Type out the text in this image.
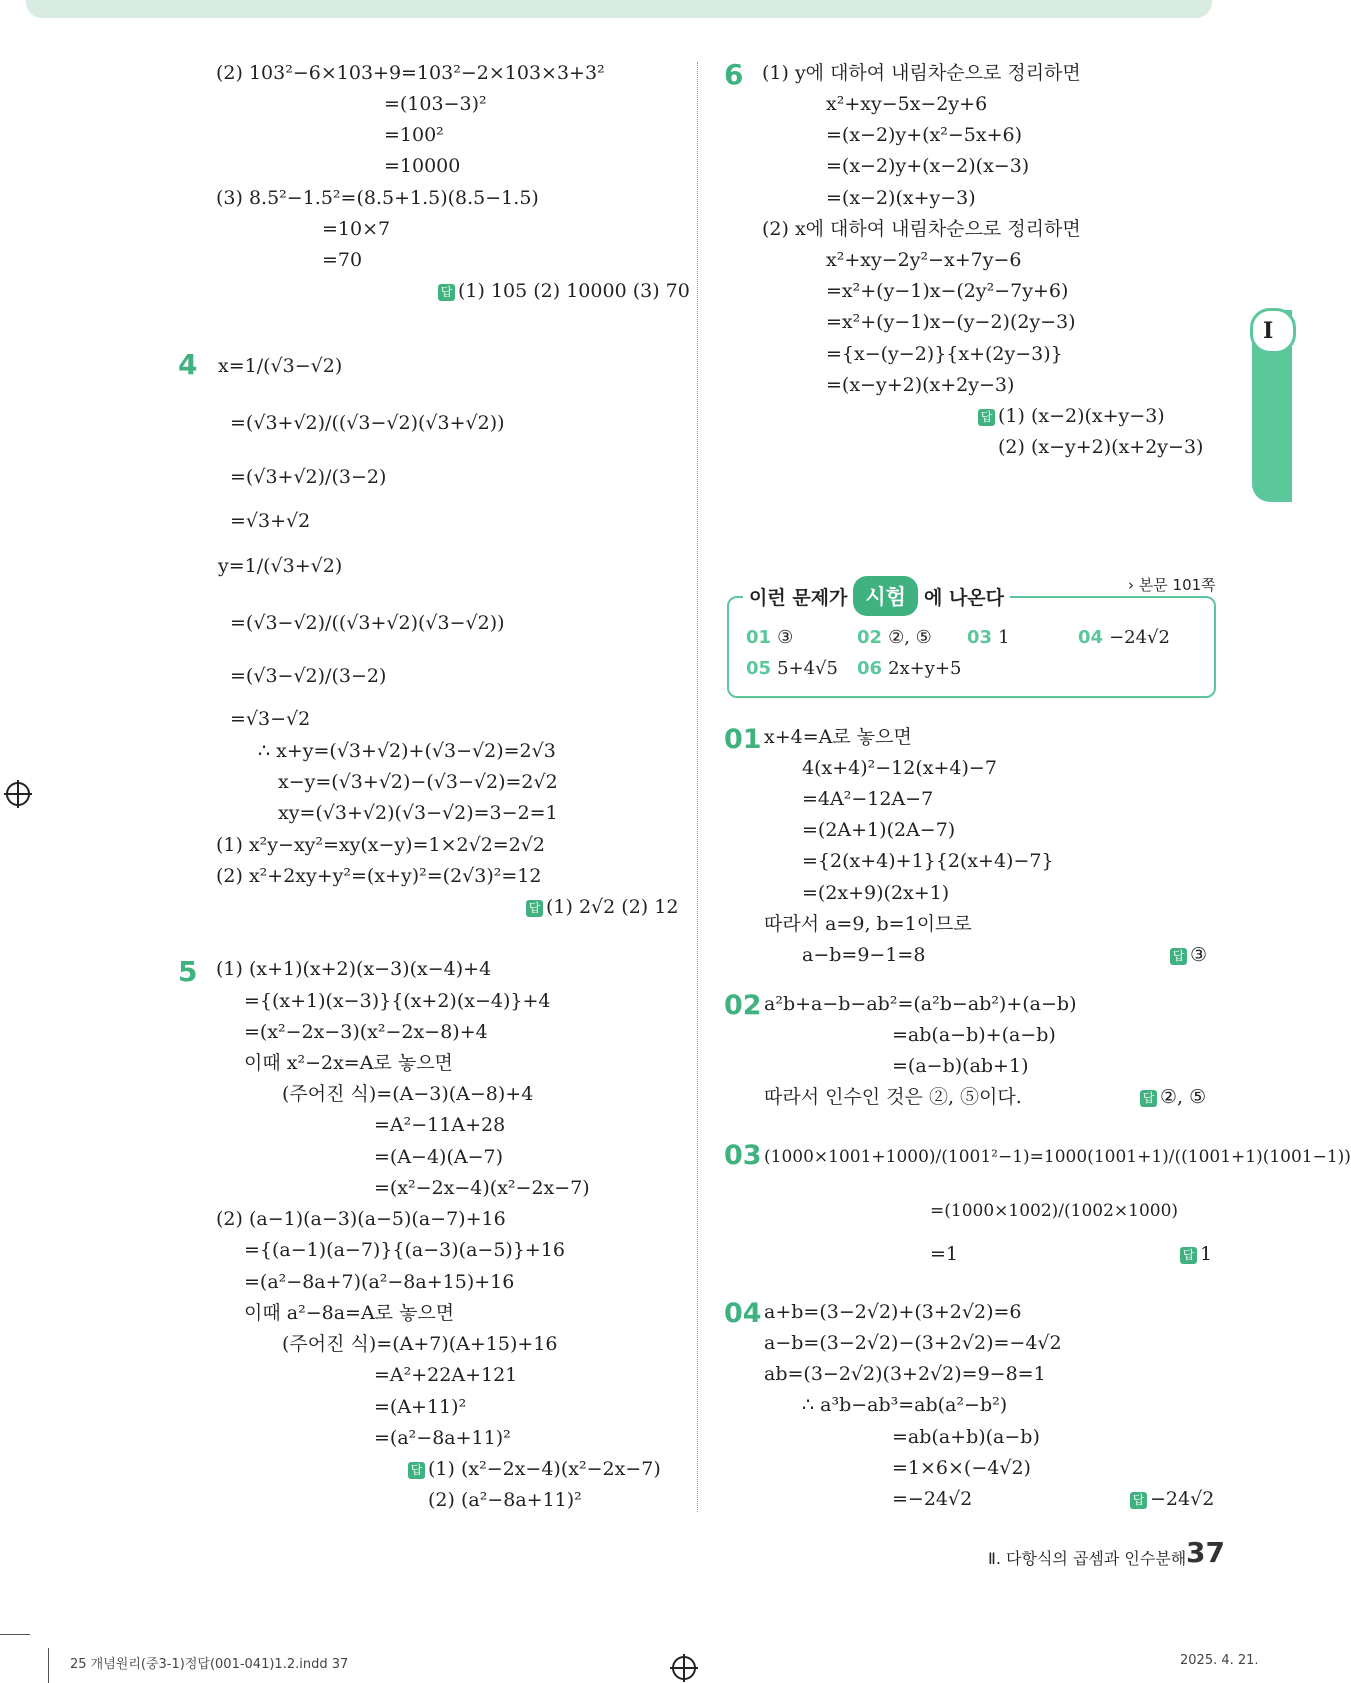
I
(2) 103²−6×103+9=103²−2×103×3+3²
=(103−3)²
=100²
=10000
(3) 8.5²−1.5²=(8.5+1.5)(8.5−1.5)
=10×7
=70
답 (1) 105 (2) 10000 (3) 70
4 x=1/(√3−√2)
=(√3+√2)/((√3−√2)(√3+√2))
=(√3+√2)/(3−2)
=√3+√2
y=1/(√3+√2)
=(√3−√2)/((√3+√2)(√3−√2))
=(√3−√2)/(3−2)
=√3−√2
∴ x+y=(√3+√2)+(√3−√2)=2√3
x−y=(√3+√2)−(√3−√2)=2√2
xy=(√3+√2)(√3−√2)=3−2=1
(1) x²y−xy²=xy(x−y)=1×2√2=2√2
(2) x²+2xy+y²=(x+y)²=(2√3)²=12
답 (1) 2√2 (2) 12
5 (1) (x+1)(x+2)(x−3)(x−4)+4
={(x+1)(x−3)}{(x+2)(x−4)}+4
=(x²−2x−3)(x²−2x−8)+4
이때 x²−2x=A로 놓으면
(주어진 식)=(A−3)(A−8)+4
=A²−11A+28
=(A−4)(A−7)
=(x²−2x−4)(x²−2x−7)
(2) (a−1)(a−3)(a−5)(a−7)+16
={(a−1)(a−7)}{(a−3)(a−5)}+16
=(a²−8a+7)(a²−8a+15)+16
이때 a²−8a=A로 놓으면
(주어진 식)=(A+7)(A+15)+16
=A²+22A+121
=(A+11)²
=(a²−8a+11)²
답 (1) (x²−2x−4)(x²−2x−7)
(2) (a²−8a+11)²
6 (1) y에 대하여 내림차순으로 정리하면
x²+xy−5x−2y+6
=(x−2)y+(x²−5x+6)
=(x−2)y+(x−2)(x−3)
=(x−2)(x+y−3)
(2) x에 대하여 내림차순으로 정리하면
x²+xy−2y²−x+7y−6
=x²+(y−1)x−(2y²−7y+6)
=x²+(y−1)x−(y−2)(2y−3)
={x−(y−2)}{x+(2y−3)}
=(x−y+2)(x+2y−3)
답 (1) (x−2)(x+y−3)
(2) (x−y+2)(x+2y−3)
이런 문제가 시험 에 나온다
› 본문 101쪽
01 ③	02 ②, ⑤ 03 1	04 −24√2
05 5+4√5 06 2x+y+5
01 x+4=A로 놓으면
4(x+4)²−12(x+4)−7
=4A²−12A−7
=(2A+1)(2A−7)
={2(x+4)+1}{2(x+4)−7}
=(2x+9)(2x+1)
따라서 a=9, b=1이므로
a−b=9−1=8	답 ③
02 a²b+a−b−ab²=(a²b−ab²)+(a−b)
=ab(a−b)+(a−b)
=(a−b)(ab+1)
따라서 인수인 것은 ②, ⑤이다.	답 ②, ⑤
03 (1000×1001+1000)/(1001²−1)=1000(1001+1)/((1001+1)(1001−1))
=(1000×1002)/(1002×1000)
=1	답 1
04 a+b=(3−2√2)+(3+2√2)=6
a−b=(3−2√2)−(3+2√2)=−4√2
ab=(3−2√2)(3+2√2)=9−8=1
∴ a³b−ab³=ab(a²−b²)
=ab(a+b)(a−b)
=1×6×(−4√2)
=−24√2	답 −24√2
Ⅱ. 다항식의 곱셈과 인수분해 37
25 개념원리(중3-1)정답(001-041)1.2.indd 37	2025. 4. 21.
